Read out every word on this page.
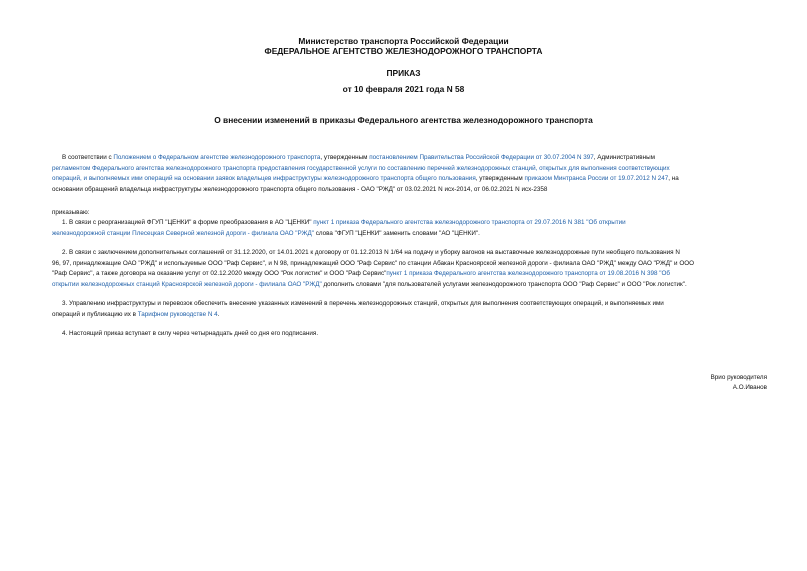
Министерство транспорта Российской Федерации
ФЕДЕРАЛЬНОЕ АГЕНТСТВО ЖЕЛЕЗНОДОРОЖНОГО ТРАНСПОРТА
ПРИКАЗ
от 10 февраля 2021 года N 58
О внесении изменений в приказы Федерального агентства железнодорожного транспорта
В соответствии с Положением о Федеральном агентстве железнодорожного транспорта, утвержденным постановлением Правительства Российской Федерации от 30.07.2004 N 397, Административным
регламентом Федерального агентства железнодорожного транспорта предоставления государственной услуги по составлению перечней железнодорожных станций, открытых для выполнения соответствующих
операций, и выполняемых ими операций на основании заявок владельцев инфраструктуры железнодорожного транспорта общего пользования, утвержденным приказом Минтранса России от 19.07.2012 N 247, на
основании обращений владельца инфраструктуры железнодорожного транспорта общего пользования - ОАО "РЖД" от 03.02.2021 N исх-2014, от 06.02.2021 N исх-2358
приказываю:
1. В связи с реорганизацией ФГУП "ЦЕНКИ" в форме преобразования в АО "ЦЕНКИ" пункт 1 приказа Федерального агентства железнодорожного транспорта от 29.07.2016 N 381 "Об открытии
железнодорожной станции Плесецкая Северной железной дороги - филиала ОАО "РЖД" слова "ФГУП "ЦЕНКИ" заменить словами "АО "ЦЕНКИ".
2. В связи с заключением дополнительных соглашений от 31.12.2020, от 14.01.2021 к договору от 01.12.2013 N 1/64 на подачу и уборку вагонов на выставочные железнодорожные пути необщего пользования N
96, 97, принадлежащие ОАО "РЖД" и используемые ООО "Раф Сервис", и N 98, принадлежащий ООО "Раф Сервис" по станции Абакан Красноярской железной дороги - филиала ОАО "РЖД" между ОАО "РЖД" и ООО
"Раф Сервис", а также договора на оказание услуг от 02.12.2020 между ООО "Рок логистик" и ООО "Раф Сервис"пункт 1 приказа Федерального агентства железнодорожного транспорта от 19.08.2016 N 398 "Об
открытии железнодорожных станций Красноярской железной дороги - филиала ОАО "РЖД" дополнить словами "для пользователей услугами железнодорожного транспорта ООО "Раф Сервис" и ООО "Рок логистик".
3. Управлению инфраструктуры и перевозок обеспечить внесение указанных изменений в перечень железнодорожных станций, открытых для выполнения соответствующих операций, и выполняемых ими
операций и публикацию их в Тарифном руководстве N 4.
4. Настоящий приказ вступает в силу через четырнадцать дней со дня его подписания.
Врио руководителя
А.О.Иванов
